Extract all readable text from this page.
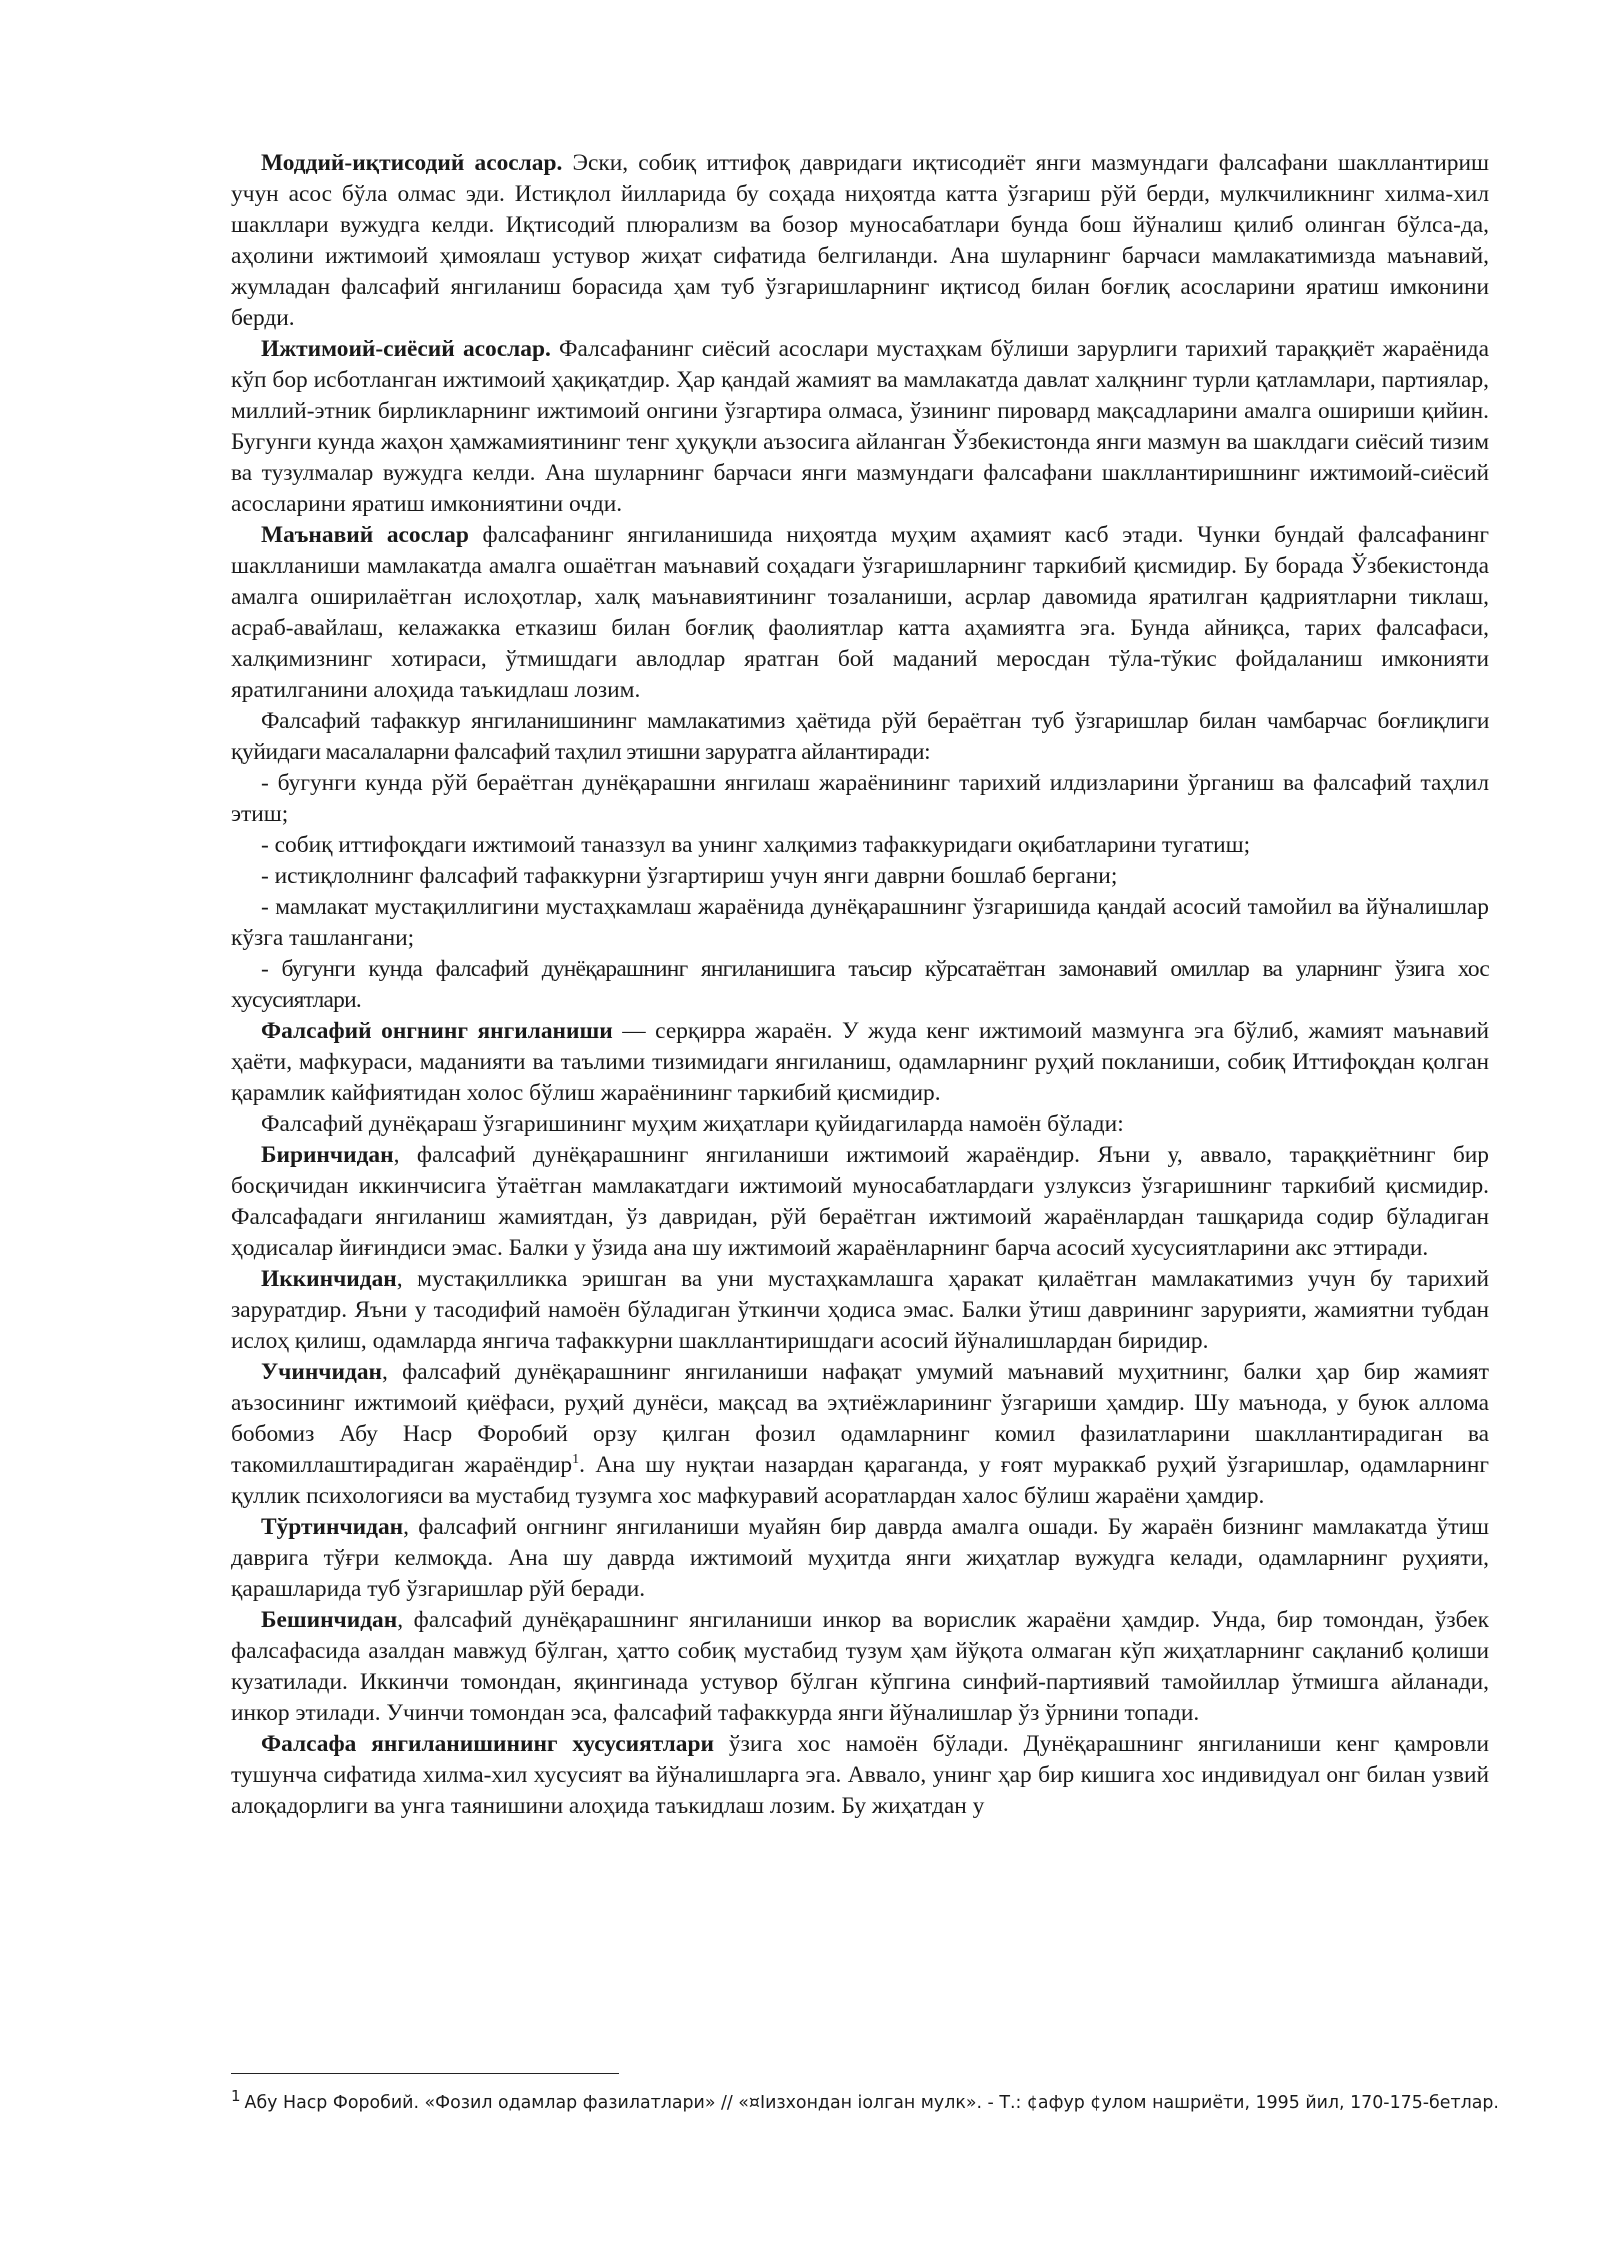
Моддий-иқтисодий асослар. Эски, собиқ иттифоқ давридаги иқтисодиёт янги мазмундаги фалсафани шакллантириш учун асос бўла олмас эди. Истиқлол йилларида бу соҳада ниҳоятда катта ўзгариш рўй берди, мулкчиликнинг хилма-хил шакллари вужудга келди. Иқтисодий плюрализм ва бозор муносабатлари бунда бош йўналиш қилиб олинган бўлса-да, аҳолини ижтимоий ҳимоялаш устувор жиҳат сифатида белгиланди. Ана шуларнинг барчаси мамлакатимизда маънавий, жумладан фалсафий янгиланиш борасида ҳам туб ўзгаришларнинг иқтисод билан боғлиқ асосларини яратиш имконини берди.

Ижтимоий-сиёсий асослар. Фалсафанинг сиёсий асослари мустаҳкам бўлиши зарурлиги тарихий тараққиёт жараёнида кўп бор исботланган ижтимоий ҳақиқатдир. Ҳар қандай жамият ва мамлакатда давлат халқнинг турли қатламлари, партиялар, миллий-этник бирликларнинг ижтимоий онгини ўзгартира олмаса, ўзининг пировард мақсадларини амалга ошириши қийин. Бугунги кунда жаҳон ҳамжамиятининг тенг ҳуқуқли аъзосига айланган Ўзбекистонда янги мазмун ва шаклдаги сиёсий тизим ва тузулмалар вужудга келди. Ана шуларнинг барчаси янги мазмундаги фалсафани шакллантиришнинг ижтимоий-сиёсий асосларини яратиш имкониятини очди.

Маънавий асослар фалсафанинг янгиланишида ниҳоятда муҳим аҳамият касб этади. Чунки бундай фалсафанинг шаклланиши мамлакатда амалга ошаётган маънавий соҳадаги ўзгаришларнинг таркибий қисмидир. Бу борада Ўзбекистонда амалга оширилаётган ислоҳотлар, халқ маънавиятининг тозаланиши, асрлар давомида яратилган қадриятларни тиклаш, асраб-авайлаш, келажакка етказиш билан боғлиқ фаолиятлар катта аҳамиятга эга. Бунда айниқса, тарих фалсафаси, халқимизнинг хотираси, ўтмишдаги авлодлар яратган бой маданий мероcдан тўла-тўкис фойдаланиш имконияти яратилганини алоҳида таъкидлаш лозим.

Фалсафий тафаккур янгиланишининг мамлакатимиз ҳаётида рўй бераётган туб ўзгаришлар билан чамбарчас боғлиқлиги қуйидаги масалаларни фалсафий таҳлил этишни заруратга айлантиради:

- бугунги кунда рўй бераётган дунёқарашни янгилаш жараёнининг тарихий илдизларини ўрганиш ва фалсафий таҳлил этиш;

- собиқ иттифоқдаги ижтимоий таназзул ва унинг халқимиз тафаккуридаги оқибатларини тугатиш;

- истиқлолнинг фалсафий тафаккурни ўзгартириш учун янги даврни бошлаб бергани;

- мамлакат мустақиллигини мустаҳкамлаш жараёнида дунёқарашнинг ўзгаришида қандай асосий тамойил ва йўналишлар кўзга ташлангани;

- бугунги кунда фалсафий дунёқарашнинг янгиланишига таъсир кўрсатаётган замонавий омиллар ва уларнинг ўзига хос хусусиятлари.

Фалсафий онгнинг янгиланиши — серқирра жараён. У жуда кенг ижтимоий мазмунга эга бўлиб, жамият маънавий ҳаёти, мафкураси, маданияти ва таълими тизимидаги янгиланиш, одамларнинг руҳий покланиши, собиқ Иттифоқдан қолган қарамлик кайфиятидан холос бўлиш жараёнининг таркибий қисмидир.

Фалсафий дунёқараш ўзгаришининг муҳим жиҳатлари қуйидагиларда намоён бўлади:

Биринчидан, фалсафий дунёқарашнинг янгиланиши ижтимоий жараёндир. Яъни у, аввало, тараққиётнинг бир босқичидан иккинчисига ўтаётган мамлакатдаги ижтимоий муносабатлардаги узлуксиз ўзгаришнинг таркибий қисмидир. Фалсафадаги янгиланиш жамиятдан, ўз давридан, рўй бераётган ижтимоий жараёнлардан ташқарида содир бўладиган ҳодисалар йиғиндиси эмас. Балки у ўзида ана шу ижтимоий жараёнларнинг барча асосий хусусиятларини акс эттиради.

Иккинчидан, мустақилликка эришган ва уни мустаҳкамлашга ҳаракат қилаётган мамлакатимиз учун бу тарихий заруратдир. Яъни у тасодифий намоён бўладиган ўткинчи ҳодиса эмас. Балки ўтиш даврининг зарурияти, жамиятни тубдан ислоҳ қилиш, одамларда янгича тафаккурни шакллантиришдаги асосий йўналишлардан биридир.

Учинчидан, фалсафий дунёқарашнинг янгиланиши нафақат умумий маънавий муҳитнинг, балки ҳар бир жамият аъзосининг ижтимоий қиёфаси, руҳий дунёси, мақсад ва эҳтиёжларининг ўзгариши ҳамдир. Шу маънода, у буюк аллома бобомиз Абу Наср Форобий орзу қилган фозил одамларнинг комил фазилатларини шакллантирадиган ва такомиллаштирадиган жараёндир$^1$. Ана шу нуқтаи назардан қараганда, у ғоят мураккаб руҳий ўзгаришлар, одамларнинг қуллик психологияси ва мустабид тузумга хос мафкуравий асоратлардан халос бўлиш жараёни ҳамдир.

Тўртинчидан, фалсафий онгнинг янгиланиши муайян бир даврда амалга ошади. Бу жараён бизнинг мамлакатда ўтиш даврига тўғри келмоқда. Ана шу даврда ижтимоий муҳитда янги жиҳатлар вужудга келади, одамларнинг руҳияти, қарашларида туб ўзгаришлар рўй беради.

Бешинчидан, фалсафий дунёқарашнинг янгиланиши инкор ва ворислик жараёни ҳамдир. Унда, бир томондан, ўзбек фалсафасида азалдан мавжуд бўлган, ҳатто собиқ мустабид тузум ҳам йўқота олмаган кўп жиҳатларнинг сақланиб қолиши кузатилади. Иккинчи томондан, яқингинада устувор бўлган кўпгина синфий-партиявий тамойиллар ўтмишга айланади, инкор этилади. Учинчи томондан эса, фалсафий тафаккурда янги йўналишлар ўз ўрнини топади.

Фалсафа янгиланишининг хусусиятлари ўзига хос намоён бўлади. Дунёқарашнинг янгиланиши кенг қамровли тушунча сифатида хилма-хил хусусият ва йўналишларга эга. Аввало, унинг ҳар бир кишига хос индивидуал онг билан узвий алоқадорлиги ва унга таянишини алоҳида таъкидлаш лозим. Бу жиҳатдан у

$^1$ Абу Наср Форобий. «Фозил одамлар фазилатлари» // «¤Iизхондан iолган мулк». - Т.: ¢афур ¢улом нашриёти, 1995 йил, 170-175-бетлар.
